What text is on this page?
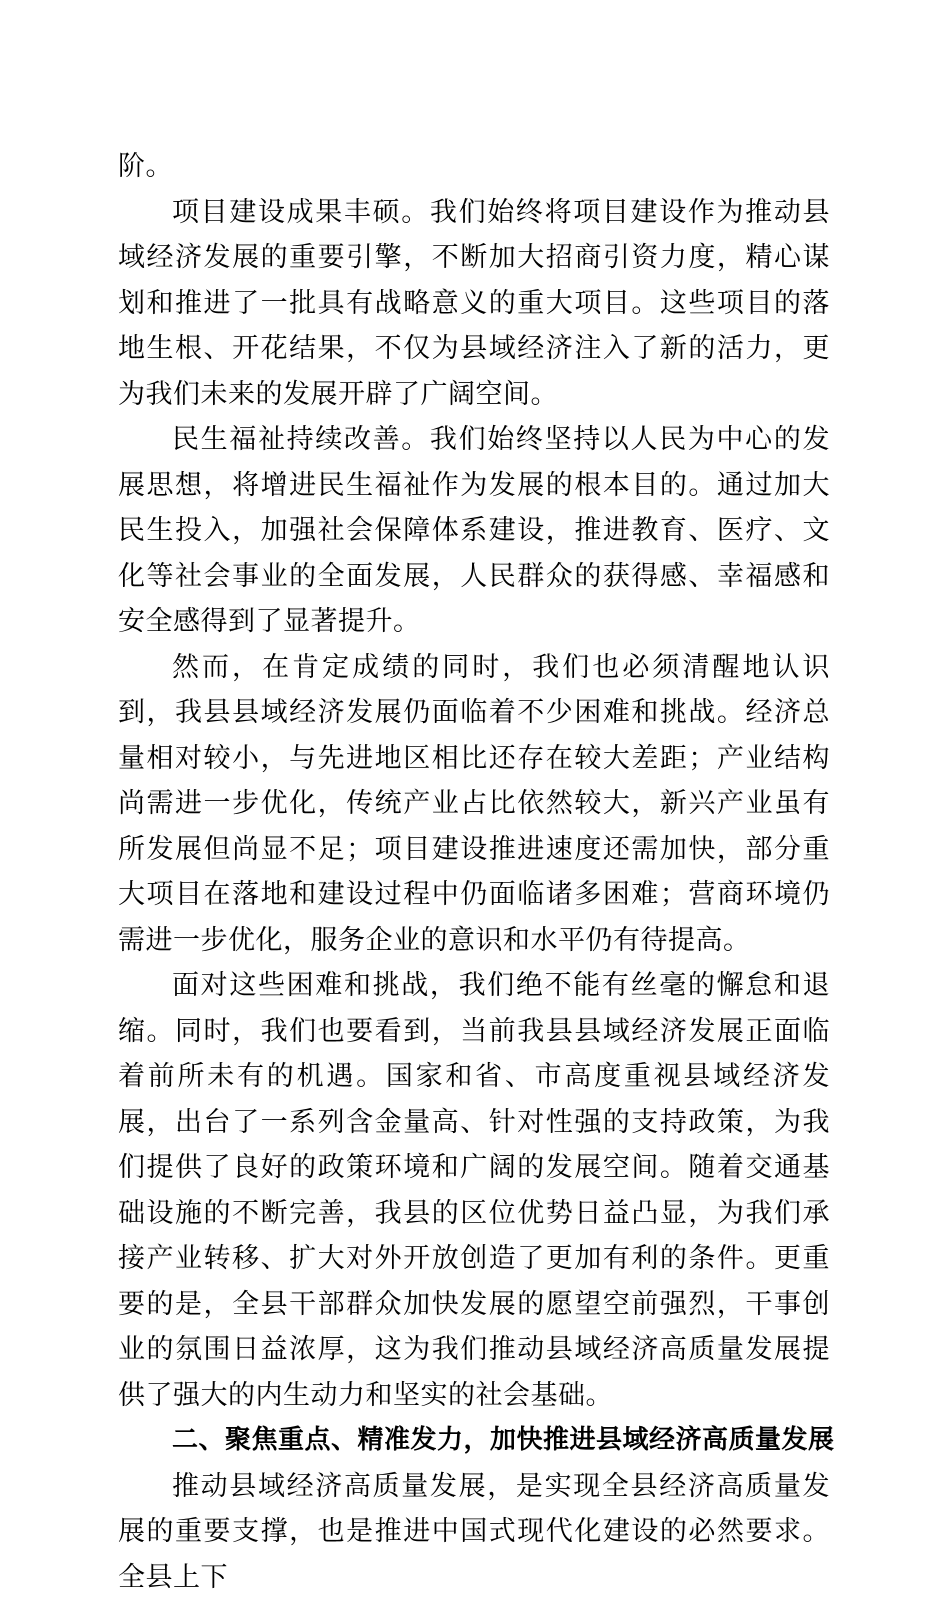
阶。

项目建设成果丰硕。我们始终将项目建设作为推动县域经济发展的重要引擎，不断加大招商引资力度，精心谋划和推进了一批具有战略意义的重大项目。这些项目的落地生根、开花结果，不仅为县域经济注入了新的活力，更为我们未来的发展开辟了广阔空间。

民生福祉持续改善。我们始终坚持以人民为中心的发展思想，将增进民生福祉作为发展的根本目的。通过加大民生投入，加强社会保障体系建设，推进教育、医疗、文化等社会事业的全面发展，人民群众的获得感、幸福感和安全感得到了显著提升。

然而，在肯定成绩的同时，我们也必须清醒地认识到，我县县域经济发展仍面临着不少困难和挑战。经济总量相对较小，与先进地区相比还存在较大差距；产业结构尚需进一步优化，传统产业占比依然较大，新兴产业虽有所发展但尚显不足；项目建设推进速度还需加快，部分重大项目在落地和建设过程中仍面临诸多困难；营商环境仍需进一步优化，服务企业的意识和水平仍有待提高。

面对这些困难和挑战，我们绝不能有丝毫的懈怠和退缩。同时，我们也要看到，当前我县县域经济发展正面临着前所未有的机遇。国家和省、市高度重视县域经济发展，出台了一系列含金量高、针对性强的支持政策，为我们提供了良好的政策环境和广阔的发展空间。随着交通基础设施的不断完善，我县的区位优势日益凸显，为我们承接产业转移、扩大对外开放创造了更加有利的条件。更重要的是，全县干部群众加快发展的愿望空前强烈，干事创业的氛围日益浓厚，这为我们推动县域经济高质量发展提供了强大的内生动力和坚实的社会基础。

二、聚焦重点、精准发力，加快推进县域经济高质量发展

推动县域经济高质量发展，是实现全县经济高质量发展的重要支撑，也是推进中国式现代化建设的必然要求。全县上下
